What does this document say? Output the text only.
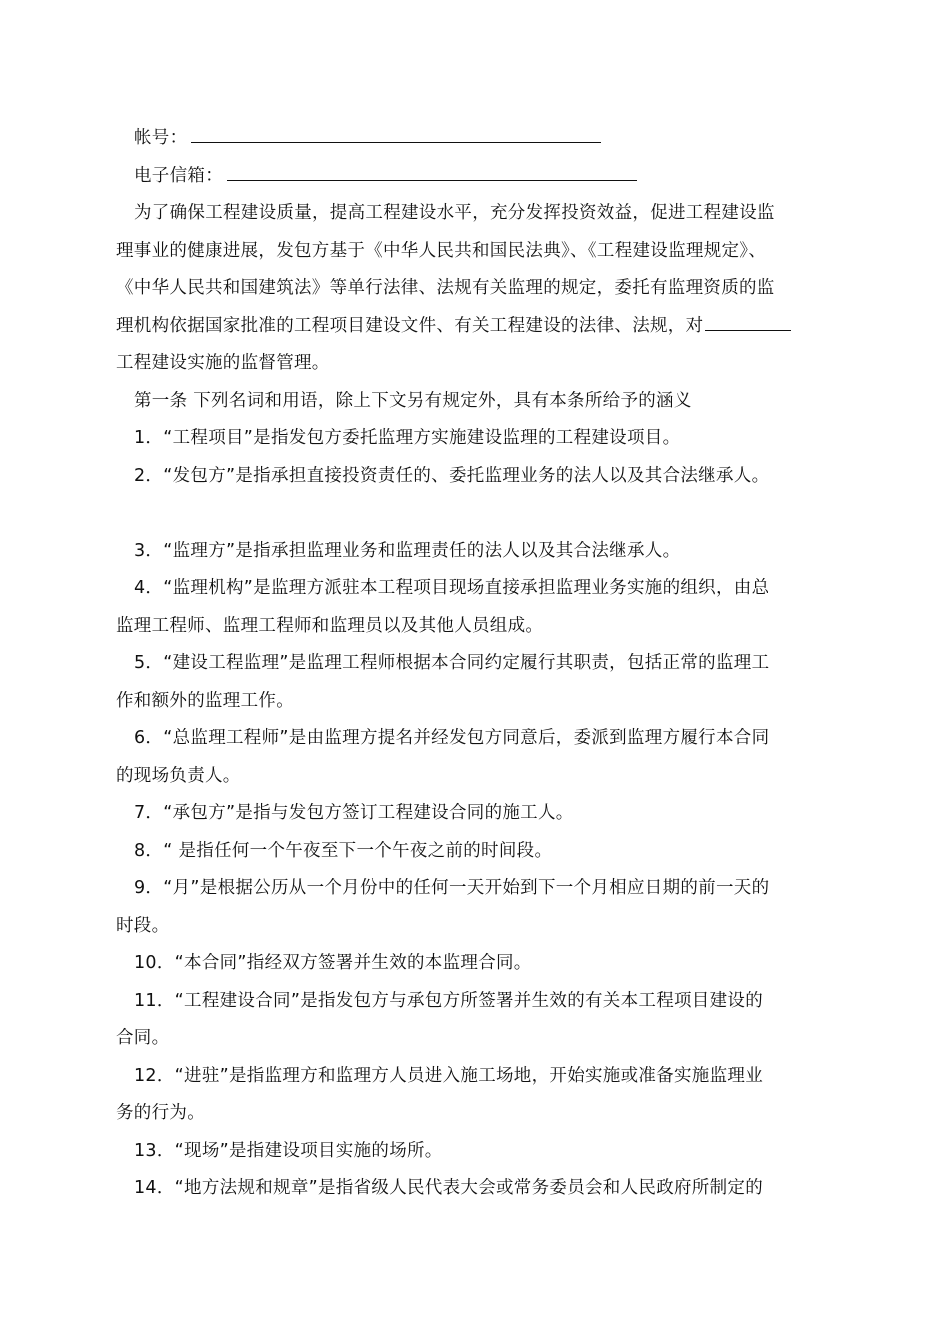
帐号：

电子信箱：

为了确保工程建设质量，提高工程建设水平，充分发挥投资效益，促进工程建设监

理事业的健康进展，发包方基于《中华人民共和国民法典》、《工程建设监理规定》、

《中华人民共和国建筑法》等单行法律、法规有关监理的规定，委托有监理资质的监

理机构依据国家批准的工程项目建设文件、有关工程建设的法律、法规，对

工程建设实施的监督管理。

第一条 下列名词和用语，除上下文另有规定外，具有本条所给予的涵义

1．“工程项目”是指发包方委托监理方实施建设监理的工程建设项目。

2．“发包方”是指承担直接投资责任的、委托监理业务的法人以及其合法继承人。

3．“监理方”是指承担监理业务和监理责任的法人以及其合法继承人。

4．“监理机构”是监理方派驻本工程项目现场直接承担监理业务实施的组织，由总

监理工程师、监理工程师和监理员以及其他人员组成。

5．“建设工程监理”是监理工程师根据本合同约定履行其职责，包括正常的监理工

作和额外的监理工作。

6．“总监理工程师”是由监理方提名并经发包方同意后，委派到监理方履行本合同

的现场负责人。

7．“承包方”是指与发包方签订工程建设合同的施工人。

8．“ 是指任何一个午夜至下一个午夜之前的时间段。

9．“月”是根据公历从一个月份中的任何一天开始到下一个月相应日期的前一天的

时段。

10．“本合同”指经双方签署并生效的本监理合同。

11．“工程建设合同”是指发包方与承包方所签署并生效的有关本工程项目建设的

合同。

12．“进驻”是指监理方和监理方人员进入施工场地，开始实施或准备实施监理业

务的行为。

13．“现场”是指建设项目实施的场所。

14．“地方法规和规章”是指省级人民代表大会或常务委员会和人民政府所制定的
